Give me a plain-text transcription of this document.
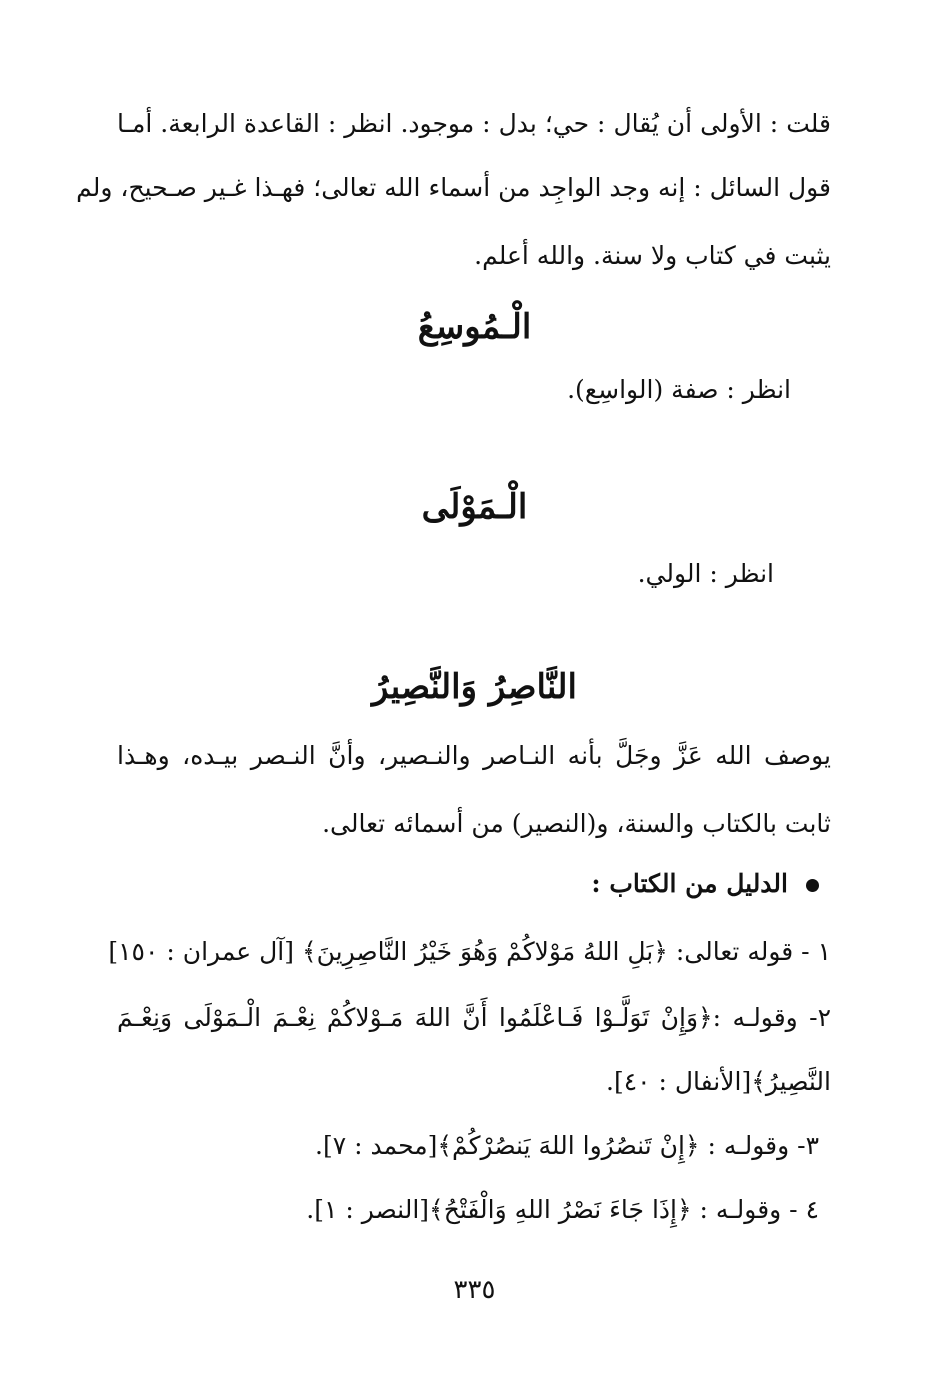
قلت : الأولى أن يُقال : حي؛ بدل : موجود. انظر : القاعدة الرابعة. أمـا
قول السائل : إنه وجد الواجِد من أسماء الله تعالى؛ فهـذا غـير صـحيح، ولم
يثبت في كتاب ولا سنة. والله أعلم.
الْـمُوسِعُ
انظر : صفة (الواسِع).
الْـمَوْلَى
انظر : الولي.
النَّاصِرُ وَالنَّصِيرُ
يوصف الله عَزَّ وجَلَّ بأنه النـاصر والنـصير، وأنَّ النـصر بيـده، وهـذا
ثابت بالكتاب والسنة، و(النصير) من أسمائه تعالى.
الدليل من الكتاب :
١ - قوله تعالى: ﴿بَلِ اللهُ مَوْلاكُمْ وَهُوَ خَيْرُ النَّاصِرِينَ﴾ [آل عمران : ١٥٠]
٢- وقولـه :﴿وَإِنْ تَوَلَّـوْا فَـاعْلَمُوا أَنَّ اللهَ مَـوْلاكُمْ نِعْـمَ الْـمَوْلَى وَنِعْـمَ
النَّصِيرُ﴾[الأنفال : ٤٠].
٣- وقولـه : ﴿إِنْ تَنصُرُوا اللهَ يَنصُرْكُمْ﴾[محمد : ٧].
٤ - وقولـه : ﴿إِذَا جَاءَ نَصْرُ اللهِ وَالْفَتْحُ﴾[النصر : ١].
٣٣٥
